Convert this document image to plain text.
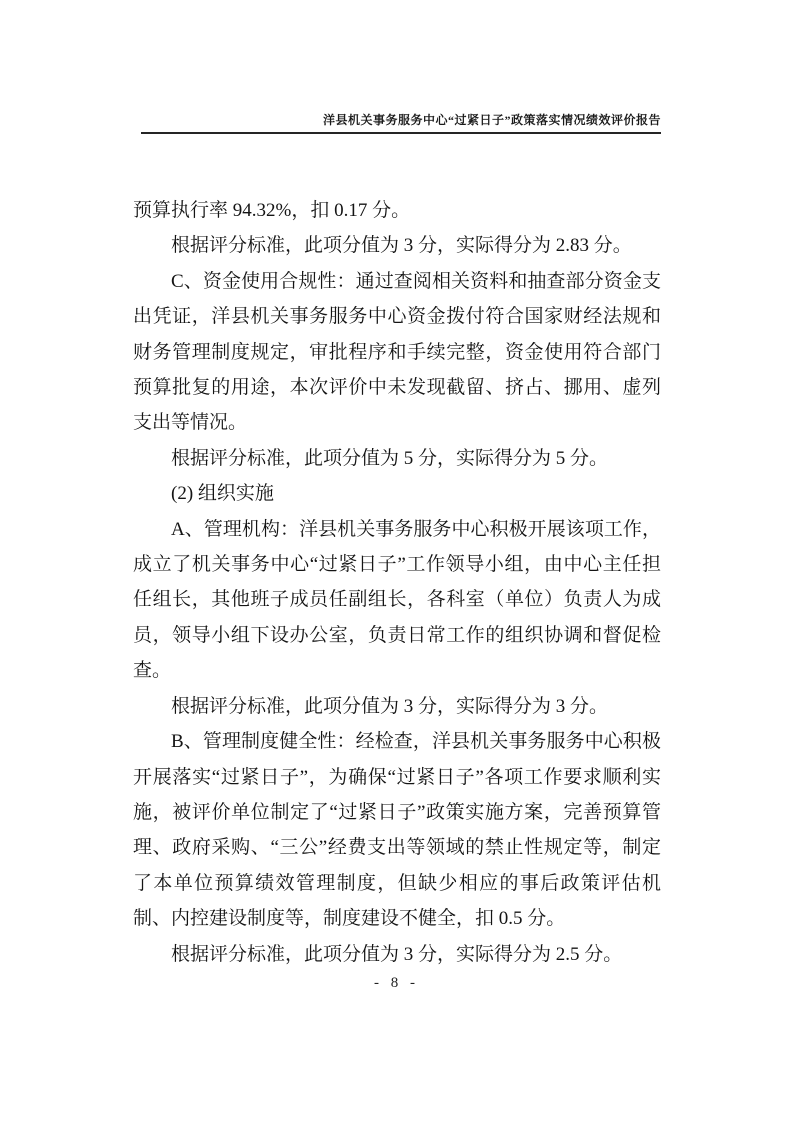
洋县机关事务服务中心“过紧日子”政策落实情况绩效评价报告

预算执行率 94.32%，扣 0.17 分。

根据评分标准，此项分值为 3 分，实际得分为 2.83 分。

C、资金使用合规性：通过查阅相关资料和抽查部分资金支出凭证，洋县机关事务服务中心资金拨付符合国家财经法规和财务管理制度规定，审批程序和手续完整，资金使用符合部门预算批复的用途，本次评价中未发现截留、挤占、挪用、虚列支出等情况。

根据评分标准，此项分值为 5 分，实际得分为 5 分。

(2) 组织实施

A、管理机构：洋县机关事务服务中心积极开展该项工作，成立了机关事务中心“过紧日子”工作领导小组，由中心主任担任组长，其他班子成员任副组长，各科室（单位）负责人为成员，领导小组下设办公室，负责日常工作的组织协调和督促检查。

根据评分标准，此项分值为 3 分，实际得分为 3 分。

B、管理制度健全性：经检查，洋县机关事务服务中心积极开展落实“过紧日子”，为确保“过紧日子”各项工作要求顺利实施，被评价单位制定了“过紧日子”政策实施方案，完善预算管理、政府采购、“三公”经费支出等领域的禁止性规定等，制定了本单位预算绩效管理制度，但缺少相应的事后政策评估机制、内控建设制度等，制度建设不健全，扣 0.5 分。

根据评分标准，此项分值为 3 分，实际得分为 2.5 分。

- 8 -
